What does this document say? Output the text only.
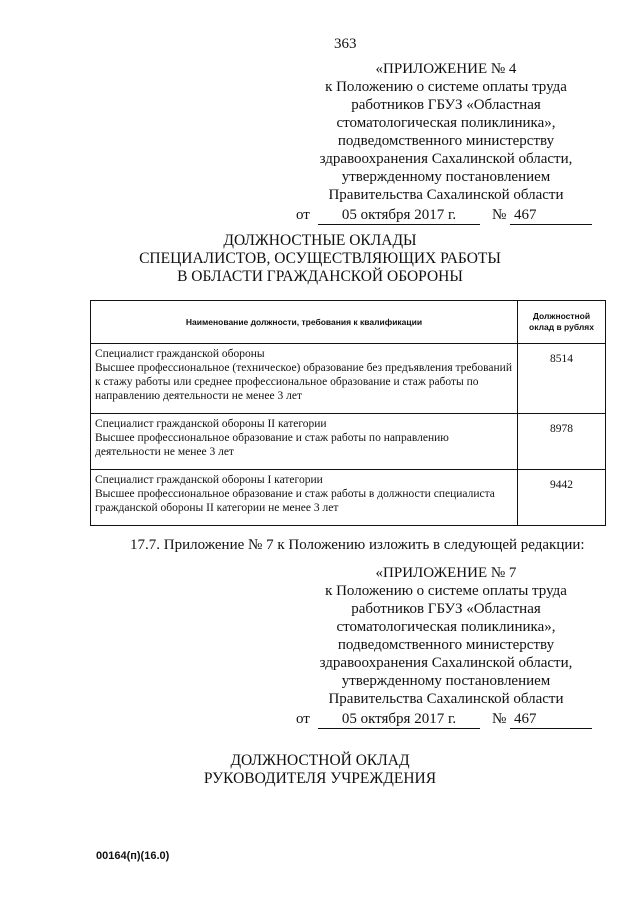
363
«ПРИЛОЖЕНИЕ № 4
к Положению о системе оплаты труда
работников ГБУЗ «Областная
стоматологическая поликлиника»,
подведомственного министерству
здравоохранения Сахалинской области,
утвержденному постановлением
Правительства Сахалинской области
от	05 октября 2017 г.	№ 467
ДОЛЖНОСТНЫЕ ОКЛАДЫ
СПЕЦИАЛИСТОВ, ОСУЩЕСТВЛЯЮЩИХ РАБОТЫ
В ОБЛАСТИ ГРАЖДАНСКОЙ ОБОРОНЫ
Наименование должности, требования к квалификации	Должностной оклад в рублях

Специалист гражданской обороны
Высшее профессиональное (техническое) образование без предъявления требований к стажу работы или среднее профессиональное образование и стаж работы по направлению деятельности не менее 3 лет	8514

Специалист гражданской обороны II категории
Высшее профессиональное образование и стаж работы по направлению деятельности не менее 3 лет	8978

Специалист гражданской обороны I категории
Высшее профессиональное образование и стаж работы в должности специалиста гражданской обороны II категории не менее 3 лет	9442
17.7. Приложение № 7 к Положению изложить в следующей редакции:
«ПРИЛОЖЕНИЕ № 7
к Положению о системе оплаты труда
работников ГБУЗ «Областная
стоматологическая поликлиника»,
подведомственного министерству
здравоохранения Сахалинской области,
утвержденному постановлением
Правительства Сахалинской области
от	05 октября 2017 г.	№ 467
ДОЛЖНОСТНОЙ ОКЛАД
РУКОВОДИТЕЛЯ УЧРЕЖДЕНИЯ
00164(п)(16.0)
